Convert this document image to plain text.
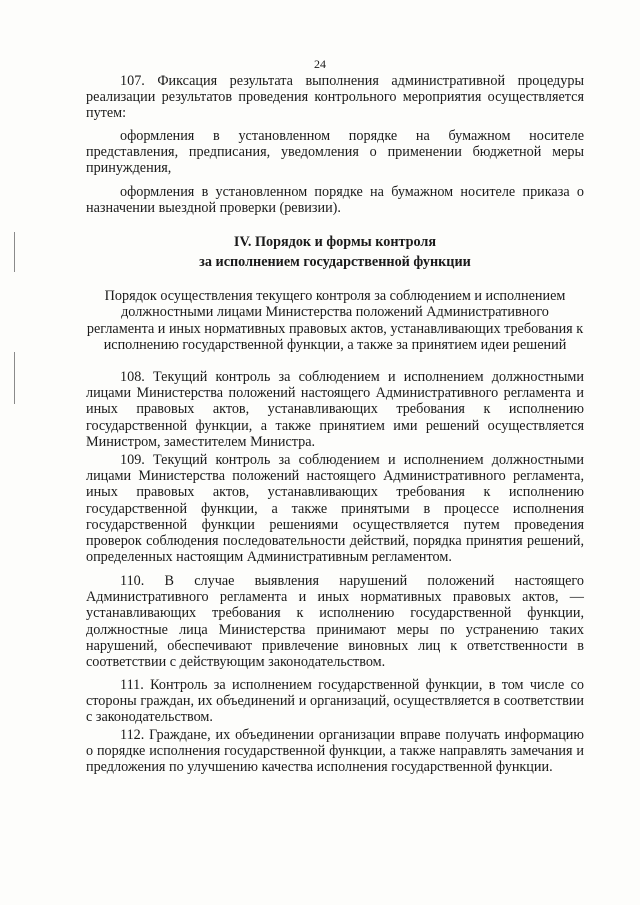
24

107. Фиксация результата выполнения административной процедуры реализации результатов проведения контрольного мероприятия осуществляется путем:

оформления в установленном порядке на бумажном носителе представления, предписания, уведомления о применении бюджетной меры принуждения,

оформления в установленном порядке на бумажном носителе приказа о назначении выездной проверки (ревизии).

IV. Порядок и формы контроля
за исполнением государственной функции
Порядок осуществления текущего контроля за соблюдением и исполнением должностными лицами Министерства положений Административного регламента и иных нормативных правовых актов, устанавливающих требования к исполнению государственной функции, а также за принятием идеи решений

108. Текущий контроль за соблюдением и исполнением должностными лицами Министерства положений настоящего Административного регламента и иных правовых актов, устанавливающих требования к исполнению государственной функции, а также принятием ими решений осуществляется Министром, заместителем Министра.

109. Текущий контроль за соблюдением и исполнением должностными лицами Министерства положений настоящего Административного регламента, иных правовых актов, устанавливающих требования к исполнению государственной функции, а также принятыми в процессе исполнения государственной функции решениями осуществляется путем проведения проверок соблюдения последовательности действий, порядка принятия решений, определенных настоящим Административным регламентом.

110. В случае выявления нарушений положений настоящего Административного регламента и иных нормативных правовых актов, — устанавливающих требования к исполнению государственной функции, должностные лица Министерства принимают меры по устранению таких нарушений, обеспечивают привлечение виновных лиц к ответственности в соответствии с действующим законодательством.

111. Контроль за исполнением государственной функции, в том числе со стороны граждан, их объединений и организаций, осуществляется в соответствии с законодательством.

112. Граждане, их объединении организации вправе получать информацию о порядке исполнения государственной функции, а также направлять замечания и предложения по улучшению качества исполнения государственной функции.
